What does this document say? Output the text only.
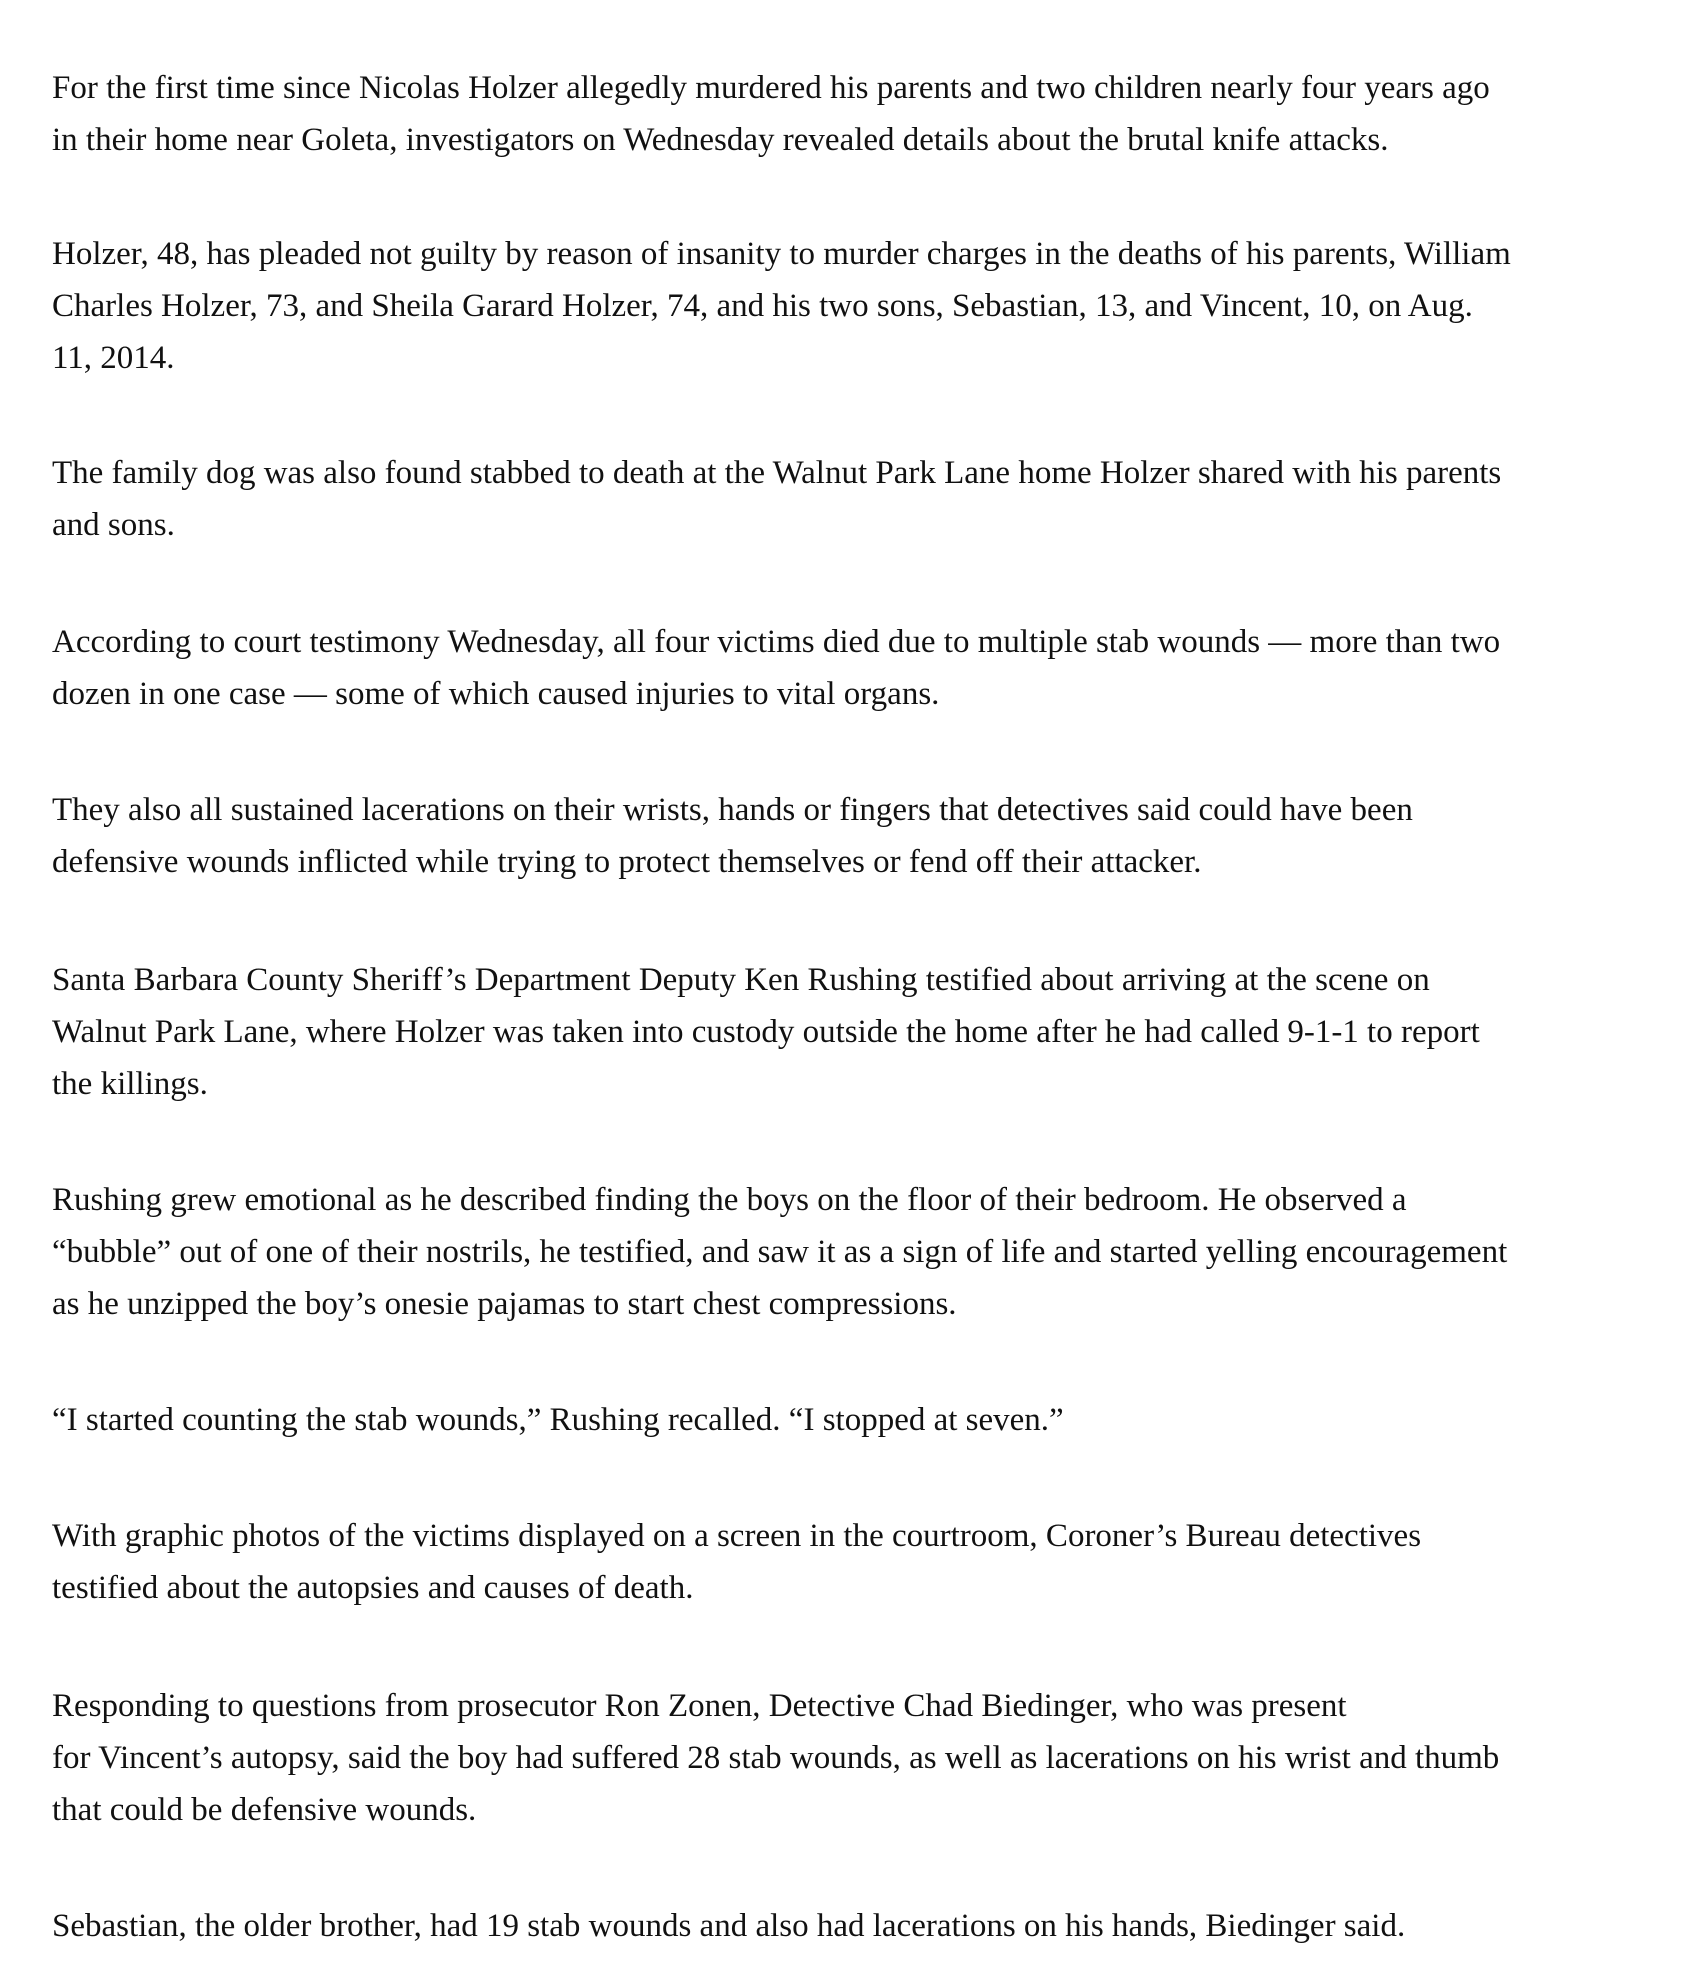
For the first time since Nicolas Holzer allegedly murdered his parents and two children nearly four years ago
in their home near Goleta, investigators on Wednesday revealed details about the brutal knife attacks.

Holzer, 48, has pleaded not guilty by reason of insanity to murder charges in the deaths of his parents, William
Charles Holzer, 73, and Sheila Garard Holzer, 74, and his two sons, Sebastian, 13, and Vincent, 10, on Aug.
11, 2014.

The family dog was also found stabbed to death at the Walnut Park Lane home Holzer shared with his parents
and sons.

According to court testimony Wednesday, all four victims died due to multiple stab wounds — more than two
dozen in one case — some of which caused injuries to vital organs.

They also all sustained lacerations on their wrists, hands or fingers that detectives said could have been
defensive wounds inflicted while trying to protect themselves or fend off their attacker.

Santa Barbara County Sheriff’s Department Deputy Ken Rushing testified about arriving at the scene on
Walnut Park Lane, where Holzer was taken into custody outside the home after he had called 9-1-1 to report
the killings.

Rushing grew emotional as he described finding the boys on the floor of their bedroom. He observed a
“bubble” out of one of their nostrils, he testified, and saw it as a sign of life and started yelling encouragement
as he unzipped the boy’s onesie pajamas to start chest compressions.

“I started counting the stab wounds,” Rushing recalled. “I stopped at seven.”

With graphic photos of the victims displayed on a screen in the courtroom, Coroner’s Bureau detectives
testified about the autopsies and causes of death.

Responding to questions from prosecutor Ron Zonen, Detective Chad Biedinger, who was present
for Vincent’s autopsy, said the boy had suffered 28 stab wounds, as well as lacerations on his wrist and thumb
that could be defensive wounds.

Sebastian, the older brother, had 19 stab wounds and also had lacerations on his hands, Biedinger said.
